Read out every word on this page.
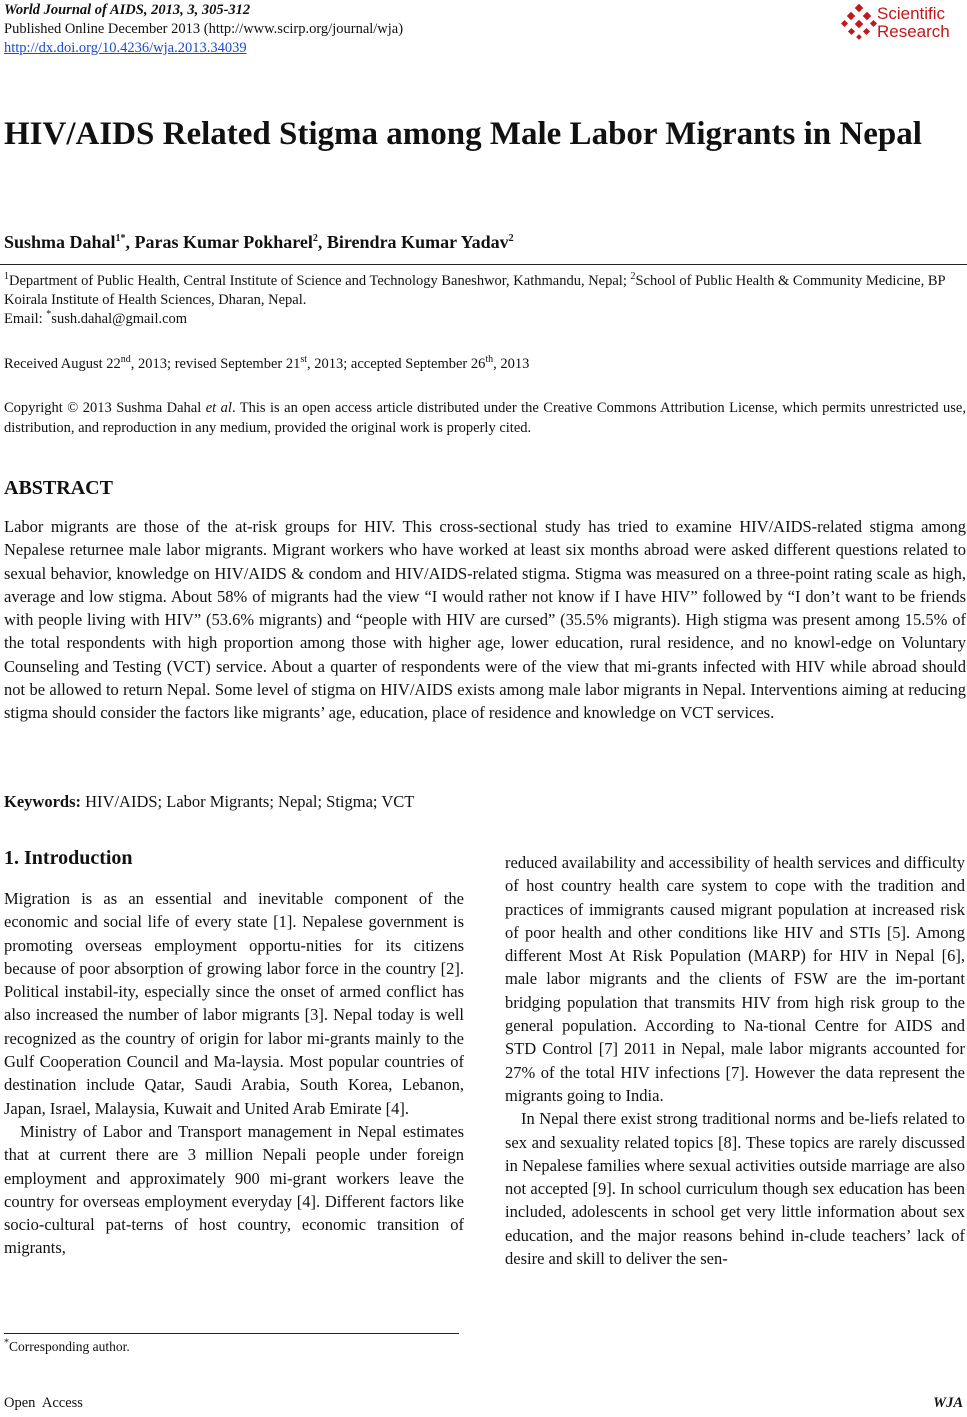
World Journal of AIDS, 2013, 3, 305-312
Published Online December 2013 (http://www.scirp.org/journal/wja)
http://dx.doi.org/10.4236/wja.2013.34039
Scientific
Research
HIV/AIDS Related Stigma among Male Labor Migrants in Nepal
Sushma Dahal$^{1*}$, Paras Kumar Pokharel$^2$, Birendra Kumar Yadav$^2$
$^1$Department of Public Health, Central Institute of Science and Technology Baneshwor, Kathmandu, Nepal; $^2$School of Public Health & Community Medicine, BP Koirala Institute of Health Sciences, Dharan, Nepal.
Email: *sush.dahal@gmail.com
Received August 22nd, 2013; revised September 21st, 2013; accepted September 26th, 2013
Copyright © 2013 Sushma Dahal et al. This is an open access article distributed under the Creative Commons Attribution License, which permits unrestricted use, distribution, and reproduction in any medium, provided the original work is properly cited.
ABSTRACT
Labor migrants are those of the at-risk groups for HIV. This cross-sectional study has tried to examine HIV/AIDS-related stigma among Nepalese returnee male labor migrants. Migrant workers who have worked at least six months abroad were asked different questions related to sexual behavior, knowledge on HIV/AIDS & condom and HIV/AIDS-related stigma. Stigma was measured on a three-point rating scale as high, average and low stigma. About 58% of migrants had the view “I would rather not know if I have HIV” followed by “I don’t want to be friends with people living with HIV” (53.6% migrants) and “people with HIV are cursed” (35.5% migrants). High stigma was present among 15.5% of the total respondents with high proportion among those with higher age, lower education, rural residence, and no knowl-edge on Voluntary Counseling and Testing (VCT) service. About a quarter of respondents were of the view that mi-grants infected with HIV while abroad should not be allowed to return Nepal. Some level of stigma on HIV/AIDS exists among male labor migrants in Nepal. Interventions aiming at reducing stigma should consider the factors like migrants’ age, education, place of residence and knowledge on VCT services.
Keywords: HIV/AIDS; Labor Migrants; Nepal; Stigma; VCT
1. Introduction

Migration is as an essential and inevitable component of the economic and social life of every state [1]. Nepalese government is promoting overseas employment opportu-nities for its citizens because of poor absorption of growing labor force in the country [2]. Political instabil-ity, especially since the onset of armed conflict has also increased the number of labor migrants [3]. Nepal today is well recognized as the country of origin for labor mi-grants mainly to the Gulf Cooperation Council and Ma-laysia. Most popular countries of destination include Qatar, Saudi Arabia, South Korea, Lebanon, Japan, Israel, Malaysia, Kuwait and United Arab Emirate [4].

Ministry of Labor and Transport management in Nepal estimates that at current there are 3 million Nepali people under foreign employment and approximately 900 mi-grant workers leave the country for overseas employment everyday [4]. Different factors like socio-cultural pat-terns of host country, economic transition of migrants,

reduced availability and accessibility of health services and difficulty of host country health care system to cope with the tradition and practices of immigrants caused migrant population at increased risk of poor health and other conditions like HIV and STIs [5]. Among different Most At Risk Population (MARP) for HIV in Nepal [6], male labor migrants and the clients of FSW are the im-portant bridging population that transmits HIV from high risk group to the general population. According to Na-tional Centre for AIDS and STD Control [7] 2011 in Nepal, male labor migrants accounted for 27% of the total HIV infections [7]. However the data represent the migrants going to India.

In Nepal there exist strong traditional norms and be-liefs related to sex and sexuality related topics [8]. These topics are rarely discussed in Nepalese families where sexual activities outside marriage are also not accepted [9]. In school curriculum though sex education has been included, adolescents in school get very little information about sex education, and the major reasons behind in-clude teachers’ lack of desire and skill to deliver the sen-

*Corresponding author.
Open  Access	WJA
